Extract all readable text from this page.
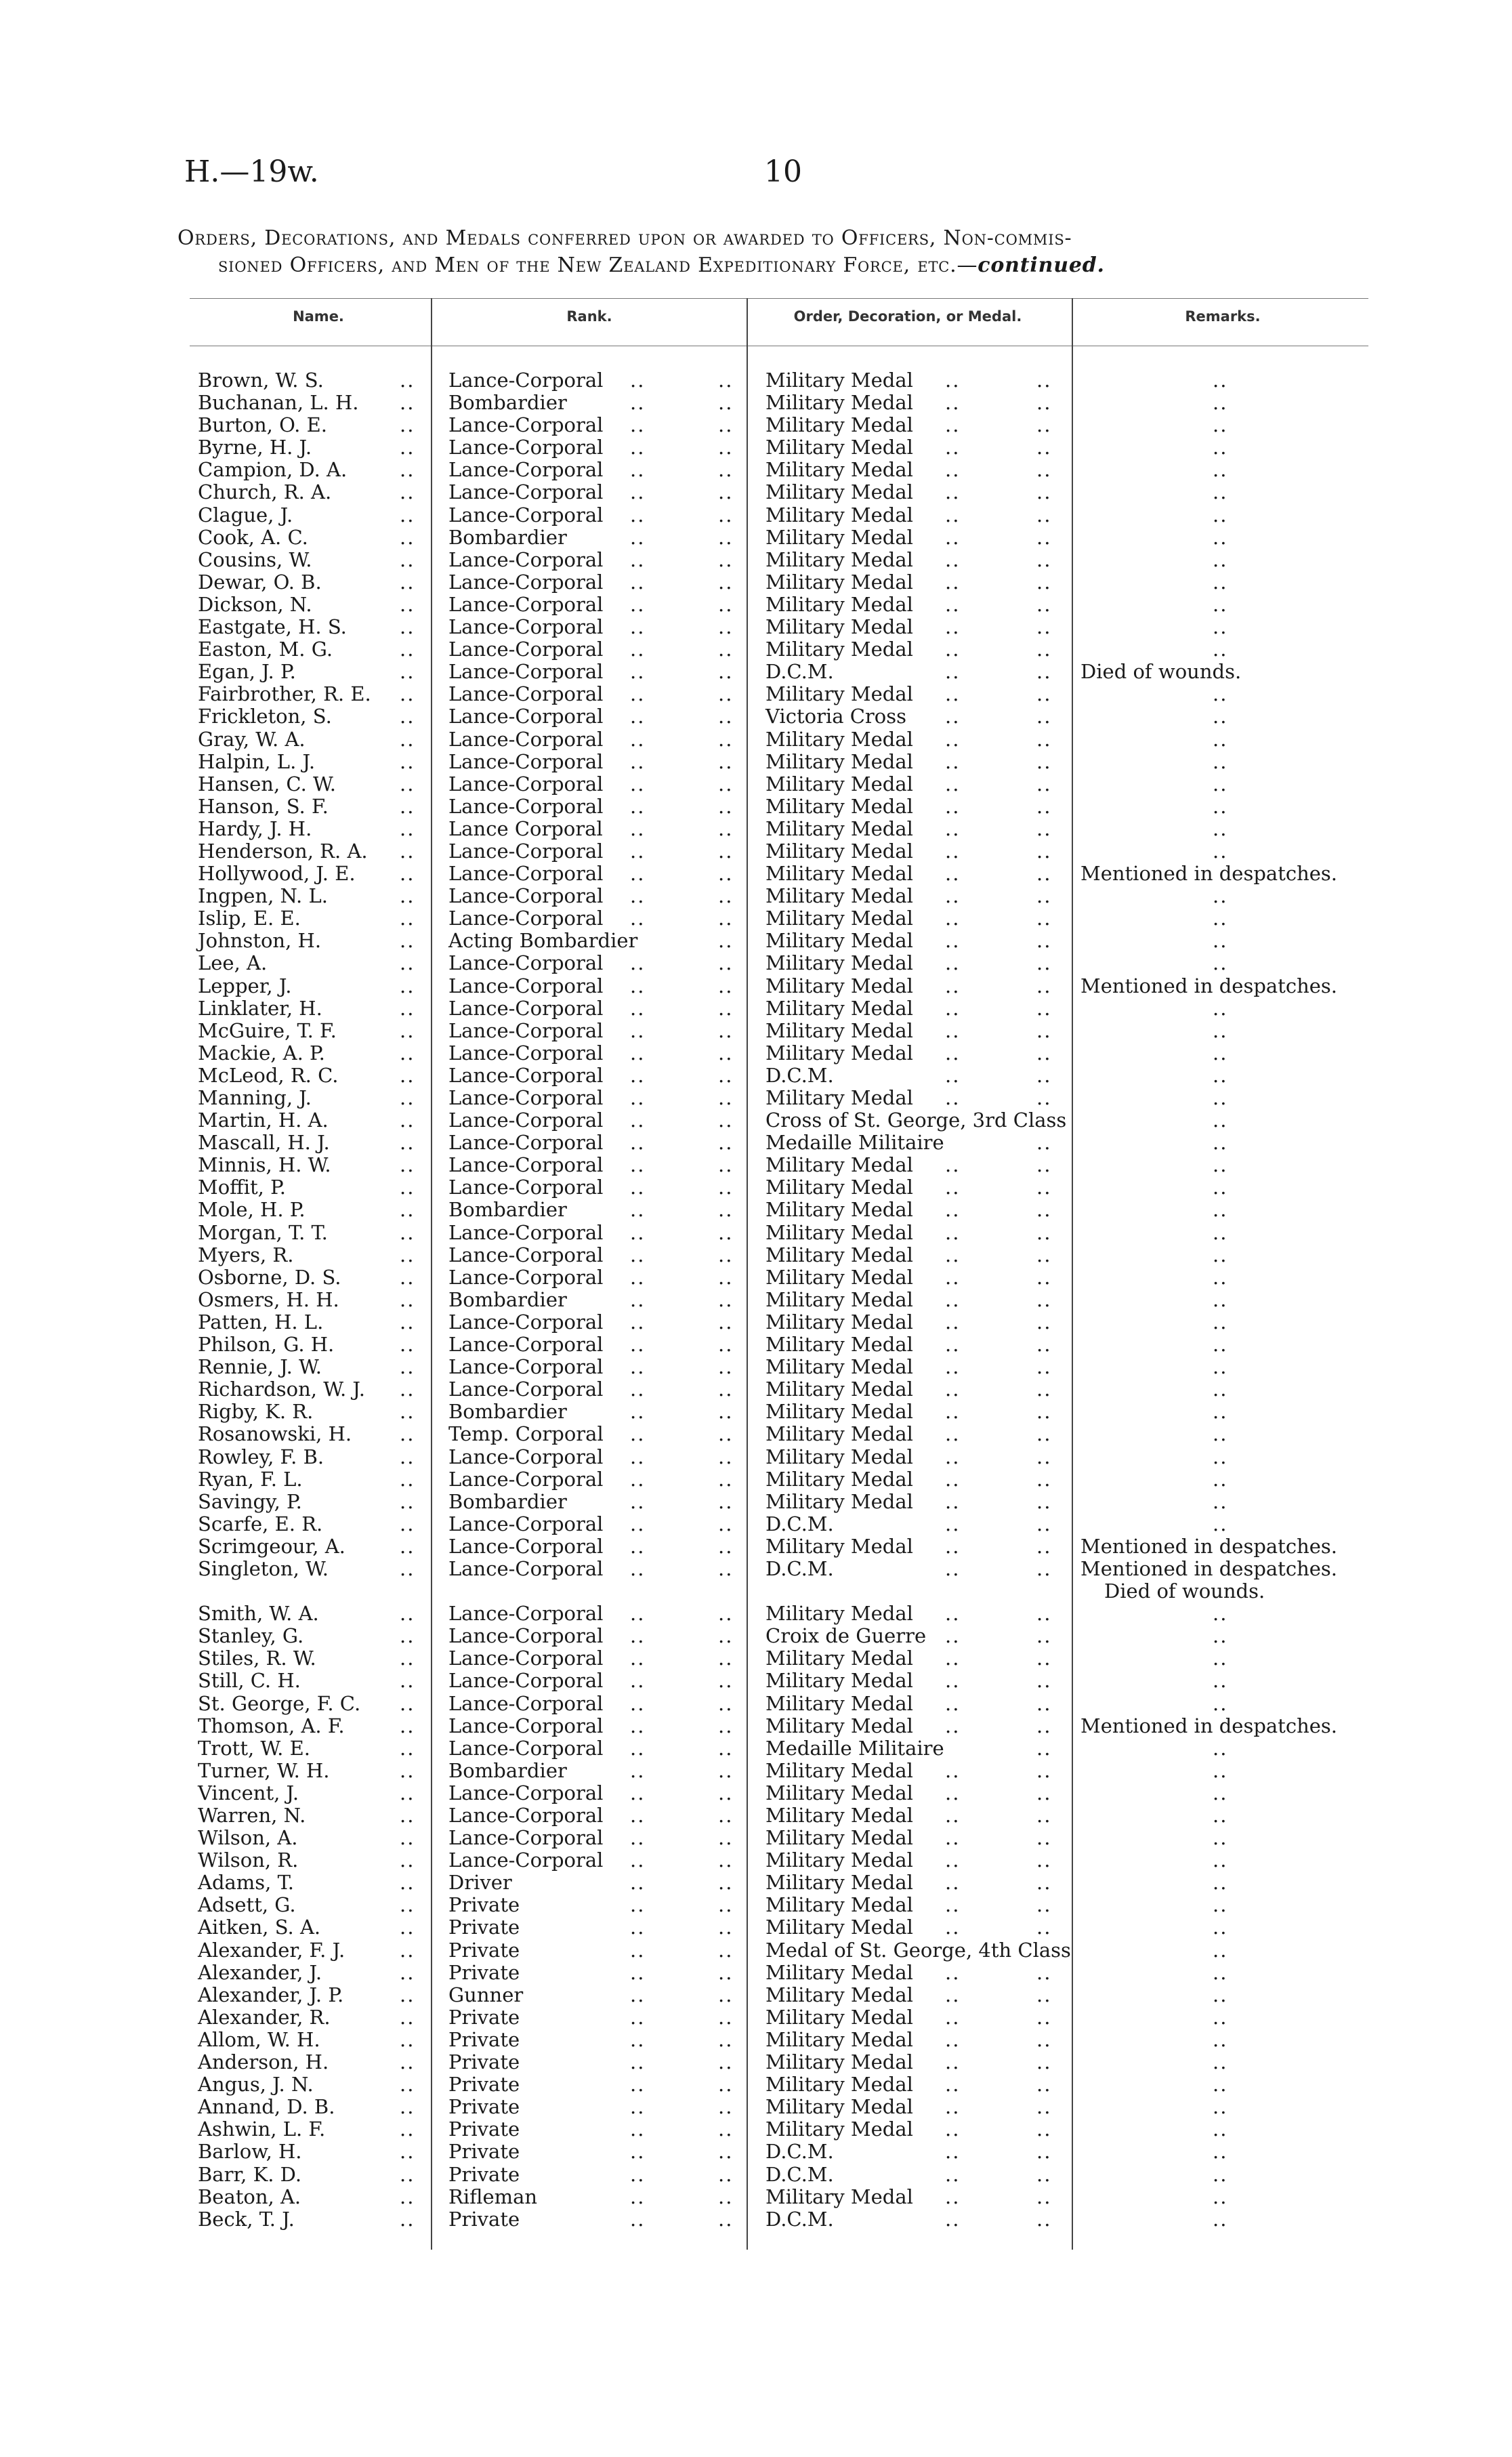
H.—19w.	10
Orders, Decorations, and Medals conferred upon or awarded to Officers, Non-commis-
sioned Officers, and Men of the New Zealand Expeditionary Force, etc.—continued.
Name.	Rank.	Order, Decoration, or Medal.	Remarks.
Brown, W. S.	.. Lance-Corporal ..	.. Military Medal ..	..	..
Buchanan, L. H. .. Bombardier	..	.. Military Medal ..	..	..
Burton, O. E.	.. Lance-Corporal ..	.. Military Medal ..	..	..
Byrne, H. J.	.. Lance-Corporal ..	.. Military Medal ..	..	..
Campion, D. A.	.. Lance-Corporal ..	.. Military Medal ..	..	..
Church, R. A.	.. Lance-Corporal ..	.. Military Medal ..	..	..
Clague, J.	.. Lance-Corporal ..	.. Military Medal ..	..	..
Cook, A. C.	.. Bombardier	..	.. Military Medal ..	..	..
Cousins, W.	.. Lance-Corporal ..	.. Military Medal ..	..	..
Dewar, O. B.	.. Lance-Corporal ..	.. Military Medal ..	..	..
Dickson, N.	.. Lance-Corporal ..	.. Military Medal ..	..	..
Eastgate, H. S.	.. Lance-Corporal ..	.. Military Medal ..	..	..
Easton, M. G.	.. Lance-Corporal ..	.. Military Medal ..	..	..
Egan, J. P.	.. Lance-Corporal ..	.. D.C.M.	..	.. Died of wounds.
Fairbrother, R. E. .. Lance-Corporal ..	.. Military Medal ..	..	..
Frickleton, S.	.. Lance-Corporal ..	.. Victoria Cross ..	..	..
Gray, W. A.	.. Lance-Corporal ..	.. Military Medal ..	..	..
Halpin, L. J.	.. Lance-Corporal ..	.. Military Medal ..	..	..
Hansen, C. W.	.. Lance-Corporal ..	.. Military Medal ..	..	..
Hanson, S. F.	.. Lance-Corporal ..	.. Military Medal ..	..	..
Hardy, J. H.	.. Lance Corporal ..	.. Military Medal ..	..	..
Henderson, R. A. .. Lance-Corporal ..	.. Military Medal ..	..	..
Hollywood, J. E. .. Lance-Corporal ..	.. Military Medal ..	.. Mentioned in despatches.
Ingpen, N. L.	.. Lance-Corporal ..	.. Military Medal ..	..	..
Islip, E. E.	.. Lance-Corporal ..	.. Military Medal ..	..	..
Johnston, H.	.. Acting Bombardier	.. Military Medal ..	..	..
Lee, A.	.. Lance-Corporal ..	.. Military Medal ..	..	..
Lepper, J.	.. Lance-Corporal ..	.. Military Medal ..	.. Mentioned in despatches.
Linklater, H.	.. Lance-Corporal ..	.. Military Medal ..	..	..
McGuire, T. F.	.. Lance-Corporal ..	.. Military Medal ..	..	..
Mackie, A. P.	.. Lance-Corporal ..	.. Military Medal ..	..	..
McLeod, R. C.	.. Lance-Corporal ..	.. D.C.M.	..	..	..
Manning, J.	.. Lance-Corporal ..	.. Military Medal ..	..	..
Martin, H. A.	.. Lance-Corporal ..	.. Cross of St. George, 3rd Class	..
Mascall, H. J.	.. Lance-Corporal ..	.. Medaille Militaire	..	..
Minnis, H. W.	.. Lance-Corporal ..	.. Military Medal ..	..	..
Moffit, P.	.. Lance-Corporal ..	.. Military Medal ..	..	..
Mole, H. P.	.. Bombardier	..	.. Military Medal ..	..	..
Morgan, T. T.	.. Lance-Corporal ..	.. Military Medal ..	..	..
Myers, R.	.. Lance-Corporal ..	.. Military Medal ..	..	..
Osborne, D. S.	.. Lance-Corporal ..	.. Military Medal ..	..	..
Osmers, H. H.	.. Bombardier	..	.. Military Medal ..	..	..
Patten, H. L.	.. Lance-Corporal ..	.. Military Medal ..	..	..
Philson, G. H.	.. Lance-Corporal ..	.. Military Medal ..	..	..
Rennie, J. W.	.. Lance-Corporal ..	.. Military Medal ..	..	..
Richardson, W. J. .. Lance-Corporal ..	.. Military Medal ..	..	..
Rigby, K. R.	.. Bombardier	..	.. Military Medal ..	..	..
Rosanowski, H. .. Temp. Corporal ..	.. Military Medal ..	..	..
Rowley, F. B.	.. Lance-Corporal ..	.. Military Medal ..	..	..
Ryan, F. L.	.. Lance-Corporal ..	.. Military Medal ..	..	..
Savingy, P.	.. Bombardier	..	.. Military Medal ..	..	..
Scarfe, E. R.	.. Lance-Corporal ..	.. D.C.M.	..	..	..
Scrimgeour, A.	.. Lance-Corporal ..	.. Military Medal ..	.. Mentioned in despatches.
Singleton, W.	.. Lance-Corporal ..	.. D.C.M.	..	.. Mentioned in despatches.
Died of wounds.
Smith, W. A.	.. Lance-Corporal ..	.. Military Medal ..	..	..
Stanley, G.	.. Lance-Corporal ..	.. Croix de Guerre ..	..	..
Stiles, R. W.	.. Lance-Corporal ..	.. Military Medal ..	..	..
Still, C. H.	.. Lance-Corporal ..	.. Military Medal ..	..	..
St. George, F. C. .. Lance-Corporal ..	.. Military Medal ..	..	..
Thomson, A. F.	.. Lance-Corporal ..	.. Military Medal ..	.. Mentioned in despatches.
Trott, W. E.	.. Lance-Corporal ..	.. Medaille Militaire	..	..
Turner, W. H.	.. Bombardier	..	.. Military Medal ..	..	..
Vincent, J.	.. Lance-Corporal ..	.. Military Medal ..	..	..
Warren, N.	.. Lance-Corporal ..	.. Military Medal ..	..	..
Wilson, A.	.. Lance-Corporal ..	.. Military Medal ..	..	..
Wilson, R.	.. Lance-Corporal ..	.. Military Medal ..	..	..
Adams, T.	.. Driver	..	.. Military Medal ..	..	..
Adsett, G.	.. Private	..	.. Military Medal ..	..	..
Aitken, S. A.	.. Private	..	.. Military Medal ..	..	..
Alexander, F. J.	.. Private	..	.. Medal of St. George, 4th Class	..
Alexander, J.	.. Private	..	.. Military Medal ..	..	..
Alexander, J. P.	.. Gunner	..	.. Military Medal ..	..	..
Alexander, R.	.. Private	..	.. Military Medal ..	..	..
Allom, W. H.	.. Private	..	.. Military Medal ..	..	..
Anderson, H.	.. Private	..	.. Military Medal ..	..	..
Angus, J. N.	.. Private	..	.. Military Medal ..	..	..
Annand, D. B.	.. Private	..	.. Military Medal ..	..	..
Ashwin, L. F.	.. Private	..	.. Military Medal ..	..	..
Barlow, H.	.. Private	..	.. D.C.M.	..	..	..
Barr, K. D.	.. Private	..	.. D.C.M.	..	..	..
Beaton, A.	.. Rifleman	..	.. Military Medal ..	..	..
Beck, T. J.	.. Private	..	.. D.C.M.	..	..	..
